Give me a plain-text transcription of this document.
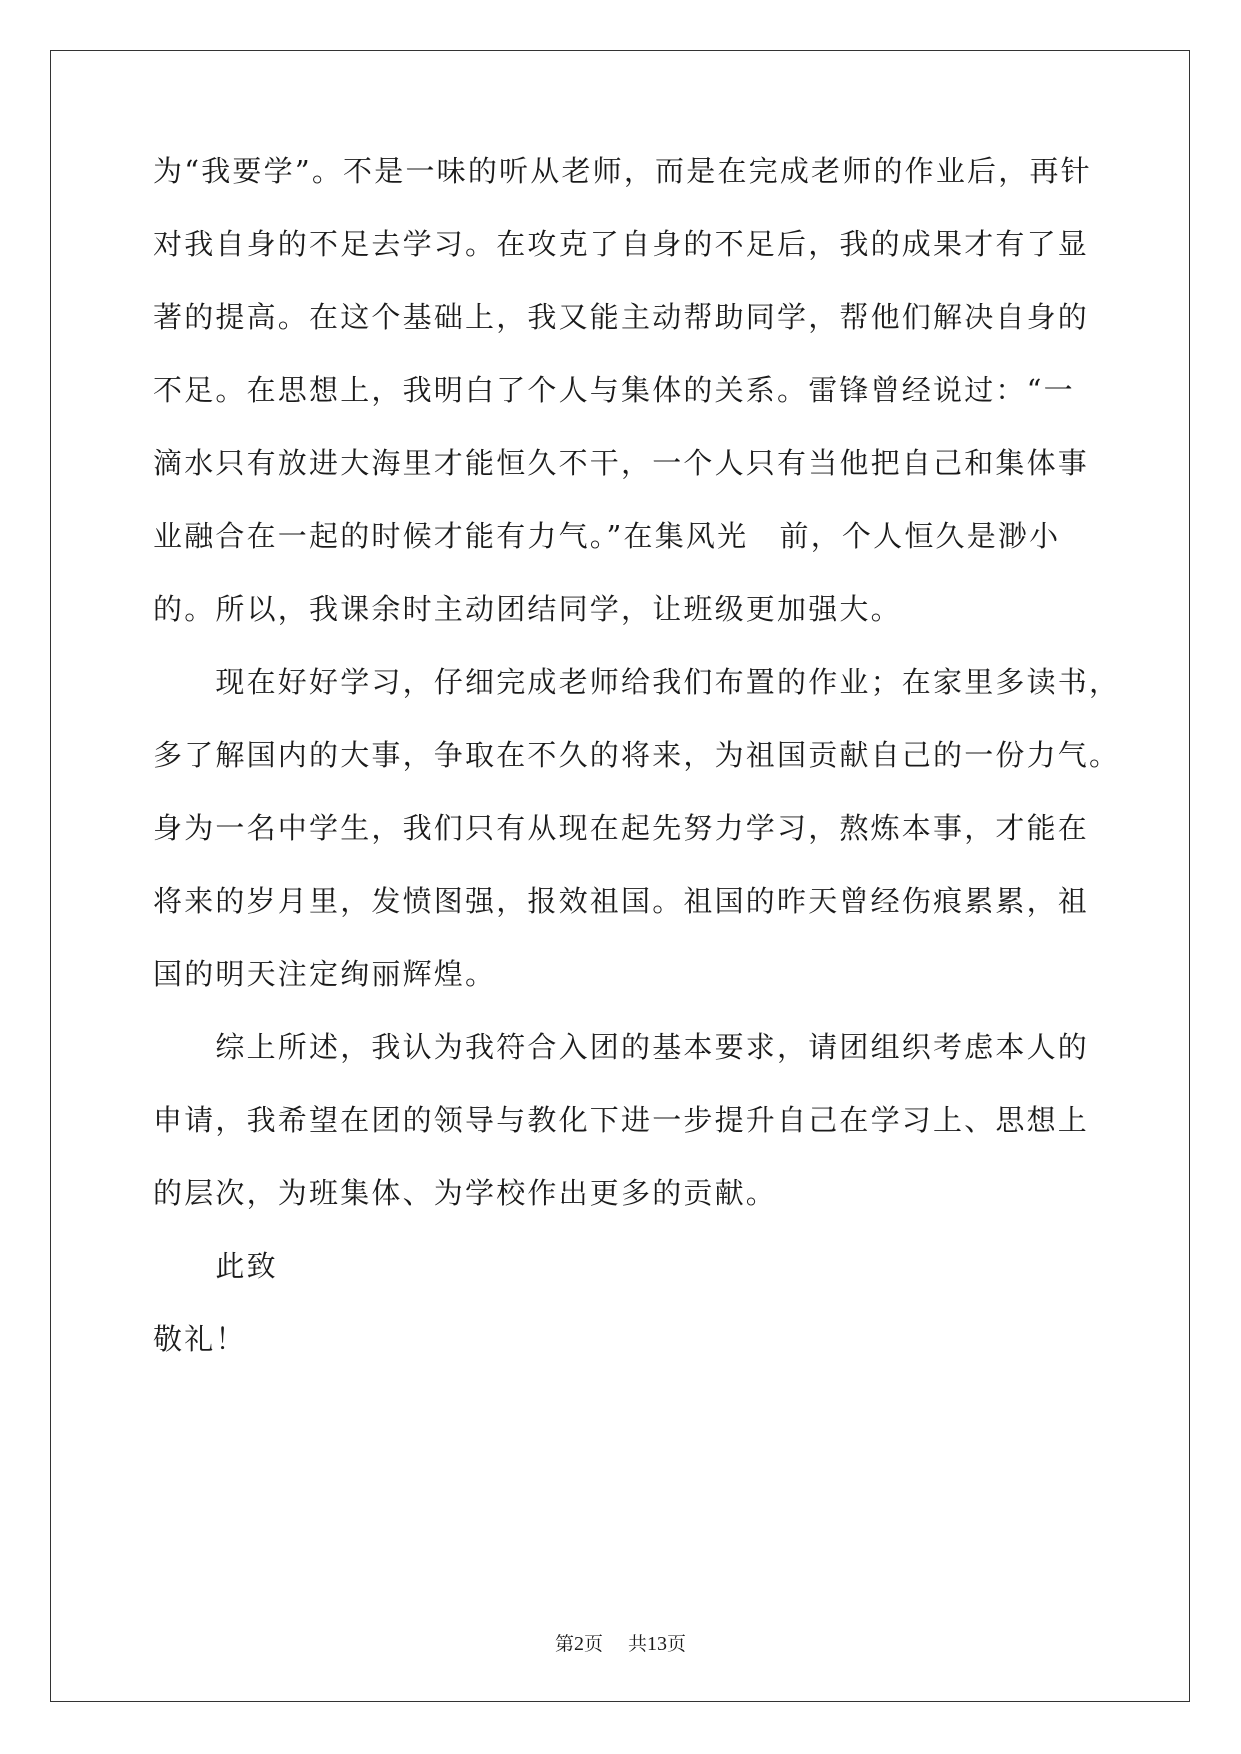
为“我要学”。不是一味的听从老师，而是在完成老师的作业后，再针
对我自身的不足去学习。在攻克了自身的不足后，我的成果才有了显
著的提高。在这个基础上，我又能主动帮助同学，帮他们解决自身的
不足。在思想上，我明白了个人与集体的关系。雷锋曾经说过：“一
滴水只有放进大海里才能恒久不干，一个人只有当他把自己和集体事
业融合在一起的时候才能有力气。”在集风光　前，个人恒久是渺小
的。所以，我课余时主动团结同学，让班级更加强大。
　　现在好好学习，仔细完成老师给我们布置的作业；在家里多读书，
多了解国内的大事，争取在不久的将来，为祖国贡献自己的一份力气。
身为一名中学生，我们只有从现在起先努力学习，熬炼本事，才能在
将来的岁月里，发愤图强，报效祖国。祖国的昨天曾经伤痕累累，祖
国的明天注定绚丽辉煌。
　　综上所述，我认为我符合入团的基本要求，请团组织考虑本人的
申请，我希望在团的领导与教化下进一步提升自己在学习上、思想上
的层次，为班集体、为学校作出更多的贡献。
　　此致
敬礼！
第2页 　 共13页
